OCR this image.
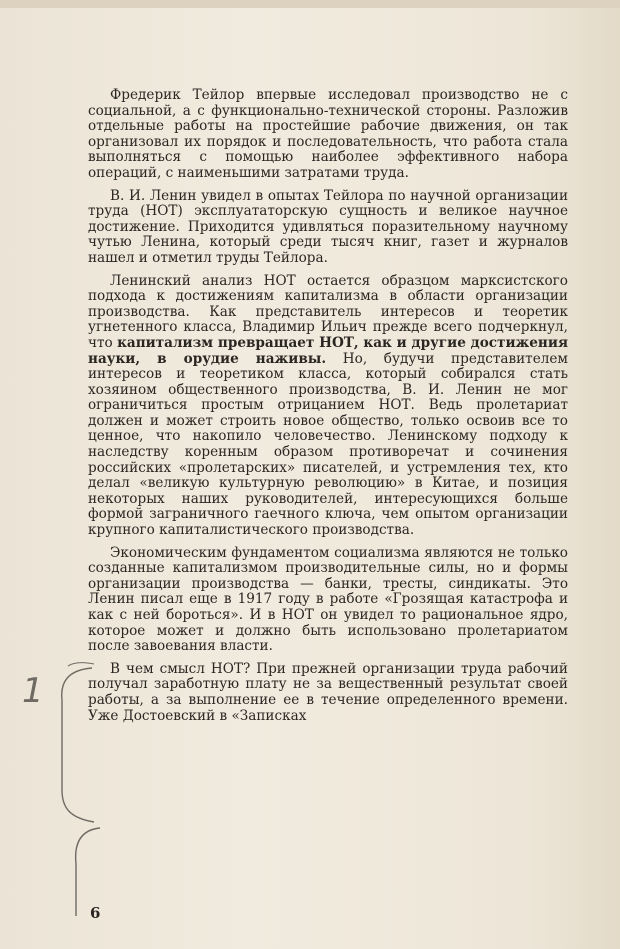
Фредерик Тейлор впервые исследовал производство не с социальной, а с функционально-технической стороны. Разложив отдельные работы на простейшие рабочие движения, он так организовал их порядок и последовательность, что работа стала выполняться с помощью наиболее эффективного набора операций, с наименьшими затратами труда.

В. И. Ленин увидел в опытах Тейлора по научной организации труда (НОТ) эксплуататорскую сущность и великое научное достижение. Приходится удивляться поразительному научному чутью Ленина, который среди тысяч книг, газет и журналов нашел и отметил труды Тейлора.

Ленинский анализ НОТ остается образцом марксистского подхода к достижениям капитализма в области организации производства. Как представитель интересов и теоретик угнетенного класса, Владимир Ильич прежде всего подчеркнул, что капитализм превращает НОТ, как и другие достижения науки, в орудие наживы. Но, будучи представителем интересов и теоретиком класса, который собирался стать хозяином общественного производства, В. И. Ленин не мог ограничиться простым отрицанием НОТ. Ведь пролетариат должен и может строить новое общество, только освоив все то ценное, что накопило человечество. Ленинскому подходу к наследству коренным образом противоречат и сочинения российских «пролетарских» писателей, и устремления тех, кто делал «великую культурную революцию» в Китае, и позиция некоторых наших руководителей, интересующихся больше формой заграничного гаечного ключа, чем опытом организации крупного капиталистического производства.

Экономическим фундаментом социализма являются не только созданные капитализмом производительные силы, но и формы организации производства — банки, тресты, синдикаты. Это Ленин писал еще в 1917 году в работе «Грозящая катастрофа и как с ней бороться». И в НОТ он увидел то рациональное ядро, которое может и должно быть использовано пролетариатом после завоевания власти.

В чем смысл НОТ? При прежней организации труда рабочий получал заработную плату не за вещественный результат своей работы, а за выполнение ее в течение определенного времени. Уже Достоевский в «Записках

1
6
